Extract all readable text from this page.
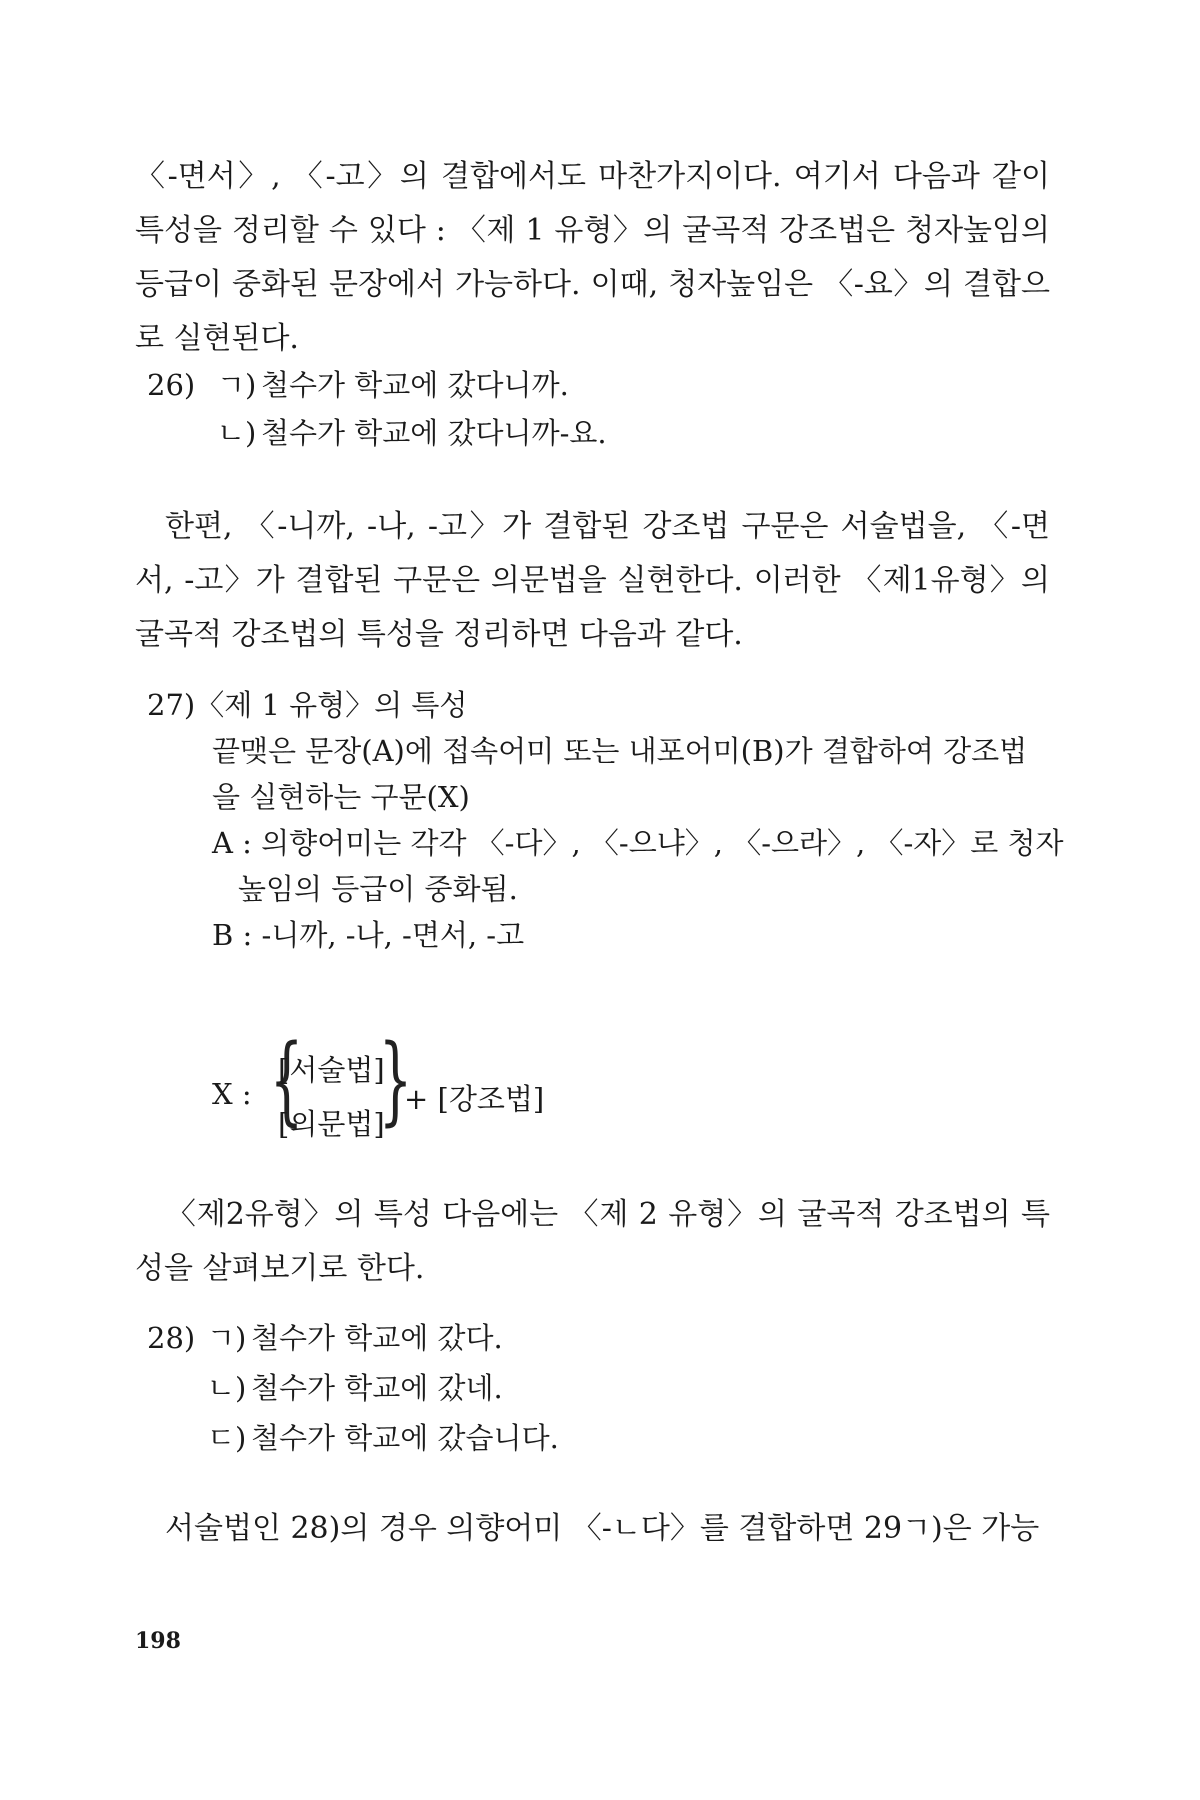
〈-면서〉, 〈-고〉의 결합에서도 마찬가지이다. 여기서 다음과 같이 특성을 정리할 수 있다 : 〈제 1 유형〉의 굴곡적 강조법은 청자높임의 등급이 중화된 문장에서 가능하다. 이때, 청자높임은 〈-요〉의 결합으로 실현된다.

26) ㄱ) 철수가 학교에 갔다니까.
ㄴ) 철수가 학교에 갔다니까-요.

한편, 〈-니까, -나, -고〉가 결합된 강조법 구문은 서술법을, 〈-면서, -고〉가 결합된 구문은 의문법을 실현한다. 이러한 〈제1유형〉의 굴곡적 강조법의 특성을 정리하면 다음과 같다.

27)〈제 1 유형〉의 특성
끝맺은 문장(A)에 접속어미 또는 내포어미(B)가 결합하여 강조법을 실현하는 구문(X)
A : 의향어미는 각각 〈-다〉, 〈-으냐〉, 〈-으라〉, 〈-자〉로 청자높임의 등급이 중화됨.
B : -니까, -나, -면서, -고
X : {
[서술법]
[의문법]
}
+ [강조법]

〈제2유형〉의 특성 다음에는 〈제 2 유형〉의 굴곡적 강조법의 특성을 살펴보기로 한다.

28) ㄱ) 철수가 학교에 갔다.
ㄴ) 철수가 학교에 갔네.
ㄷ) 철수가 학교에 갔습니다.

서술법인 28)의 경우 의향어미 〈-ㄴ다〉를 결합하면 29ㄱ)은 가능

198
